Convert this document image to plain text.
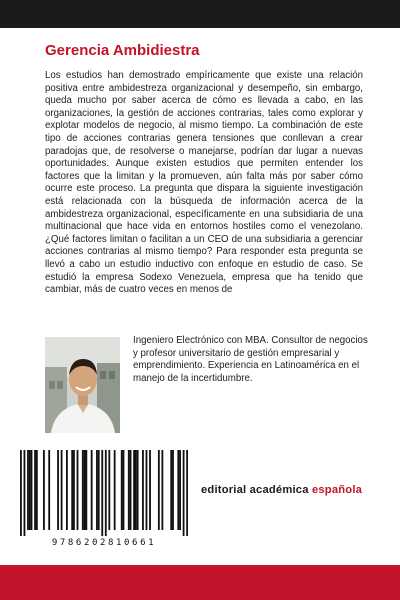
Gerencia Ambidiestra

Los estudios han demostrado empíricamente que existe una relación positiva entre ambidestreza organizacional y desempeño, sin embargo, queda mucho por saber acerca de cómo es llevada a cabo, en las organizaciones, la gestión de acciones contrarias, tales como explorar y explotar modelos de negocio, al mismo tiempo. La combinación de este tipo de acciones contrarias genera tensiones que conllevan a crear paradojas que, de resolverse o manejarse, podrían dar lugar a nuevas oportunidades. Aunque existen estudios que permiten entender los factores que la limitan y la promueven, aún falta más por saber cómo ocurre este proceso. La pregunta que dispara la siguiente investigación está relacionada con la búsqueda de información acerca de la ambidestreza organizacional, específicamente en una subsidiaria de una multinacional que hace vida en entornos hostiles como el venezolano. ¿Qué factores limitan o facilitan a un CEO de una subsidiaria a gerenciar acciones contrarias al mismo tiempo? Para responder esta pregunta se llevó a cabo un estudio inductivo con enfoque en estudio de caso. Se estudió la empresa Sodexo Venezuela, empresa que ha tenido que cambiar, más de cuatro veces en menos de

Ingeniero Electrónico con MBA. Consultor de negocios y profesor universitario de gestión empresarial y emprendimiento. Experiencia en Latinoamérica en el manejo de la incertidumbre.

9786202810661
editorial académica española
